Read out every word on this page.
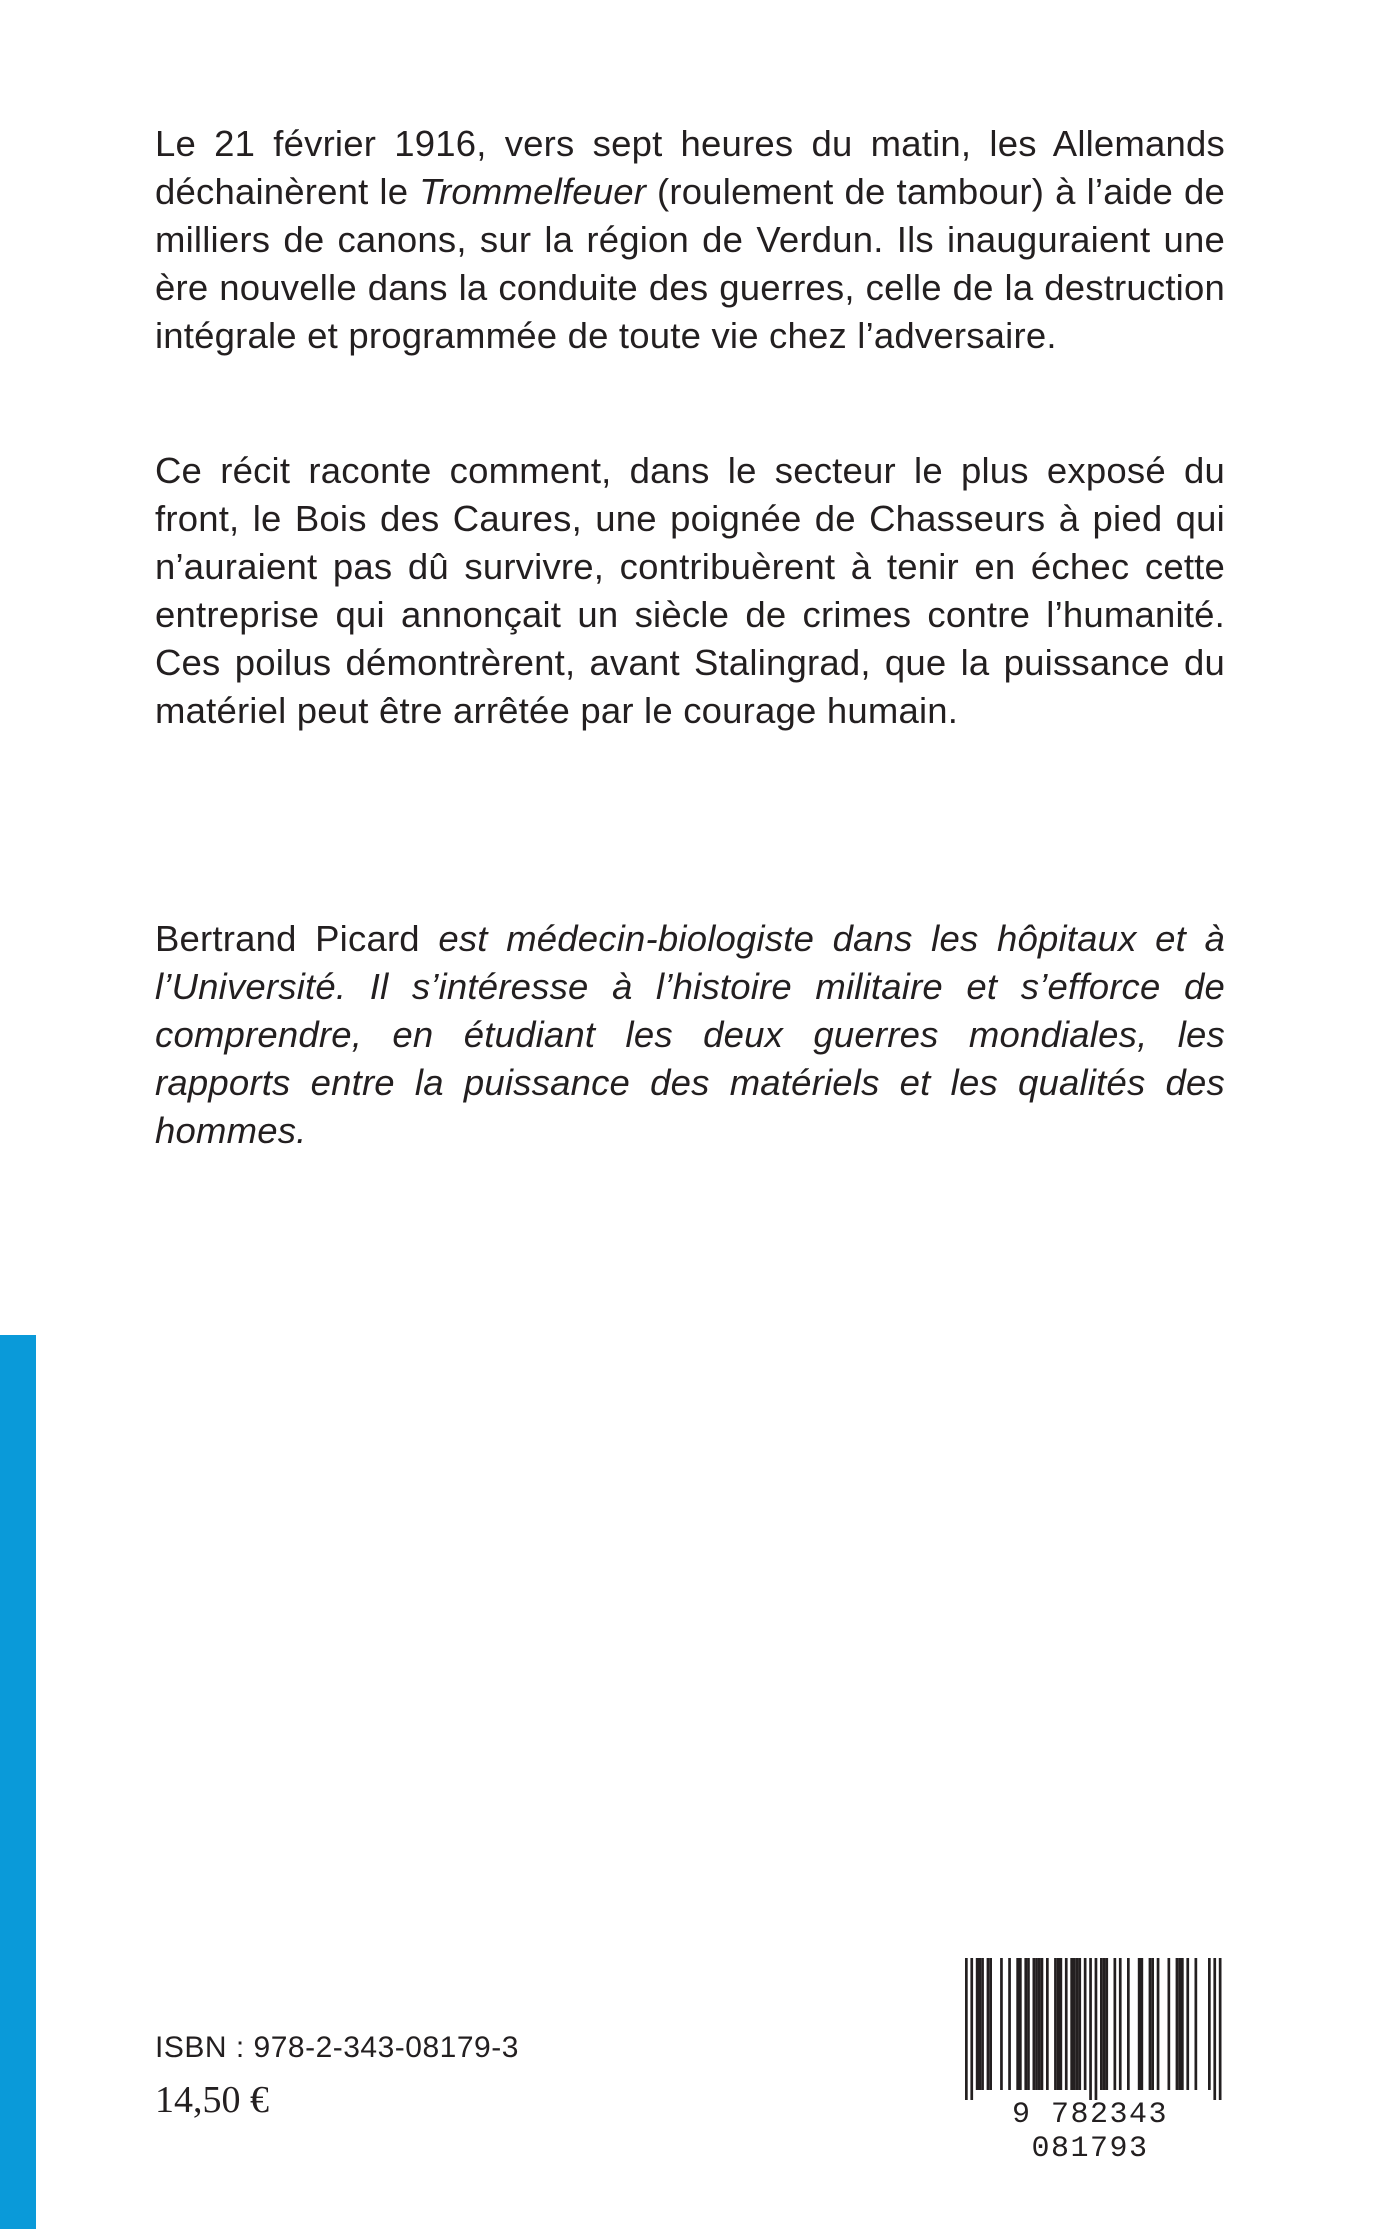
Le 21 février 1916, vers sept heures du matin, les Allemands déchainèrent le Trommelfeuer (roulement de tambour) à l’aide de milliers de canons, sur la région de Verdun. Ils inauguraient une ère nouvelle dans la conduite des guerres, celle de la destruction intégrale et programmée de toute vie chez l’adversaire.

Ce récit raconte comment, dans le secteur le plus exposé du front, le Bois des Caures, une poignée de Chasseurs à pied qui n’auraient pas dû survivre, contribuèrent à tenir en échec cette entreprise qui annonçait un siècle de crimes contre l’humanité. Ces poilus démontrèrent, avant Stalingrad, que la puissance du matériel peut être arrêtée par le courage humain.

Bertrand Picard est médecin-biologiste dans les hôpitaux et à l’Université. Il s’intéresse à l’histoire militaire et s’efforce de comprendre, en étudiant les deux guerres mondiales, les rapports entre la puissance des matériels et les qualités des hommes.

ISBN : 978-2-343-08179-3
14,50 €	9 782343 081793
